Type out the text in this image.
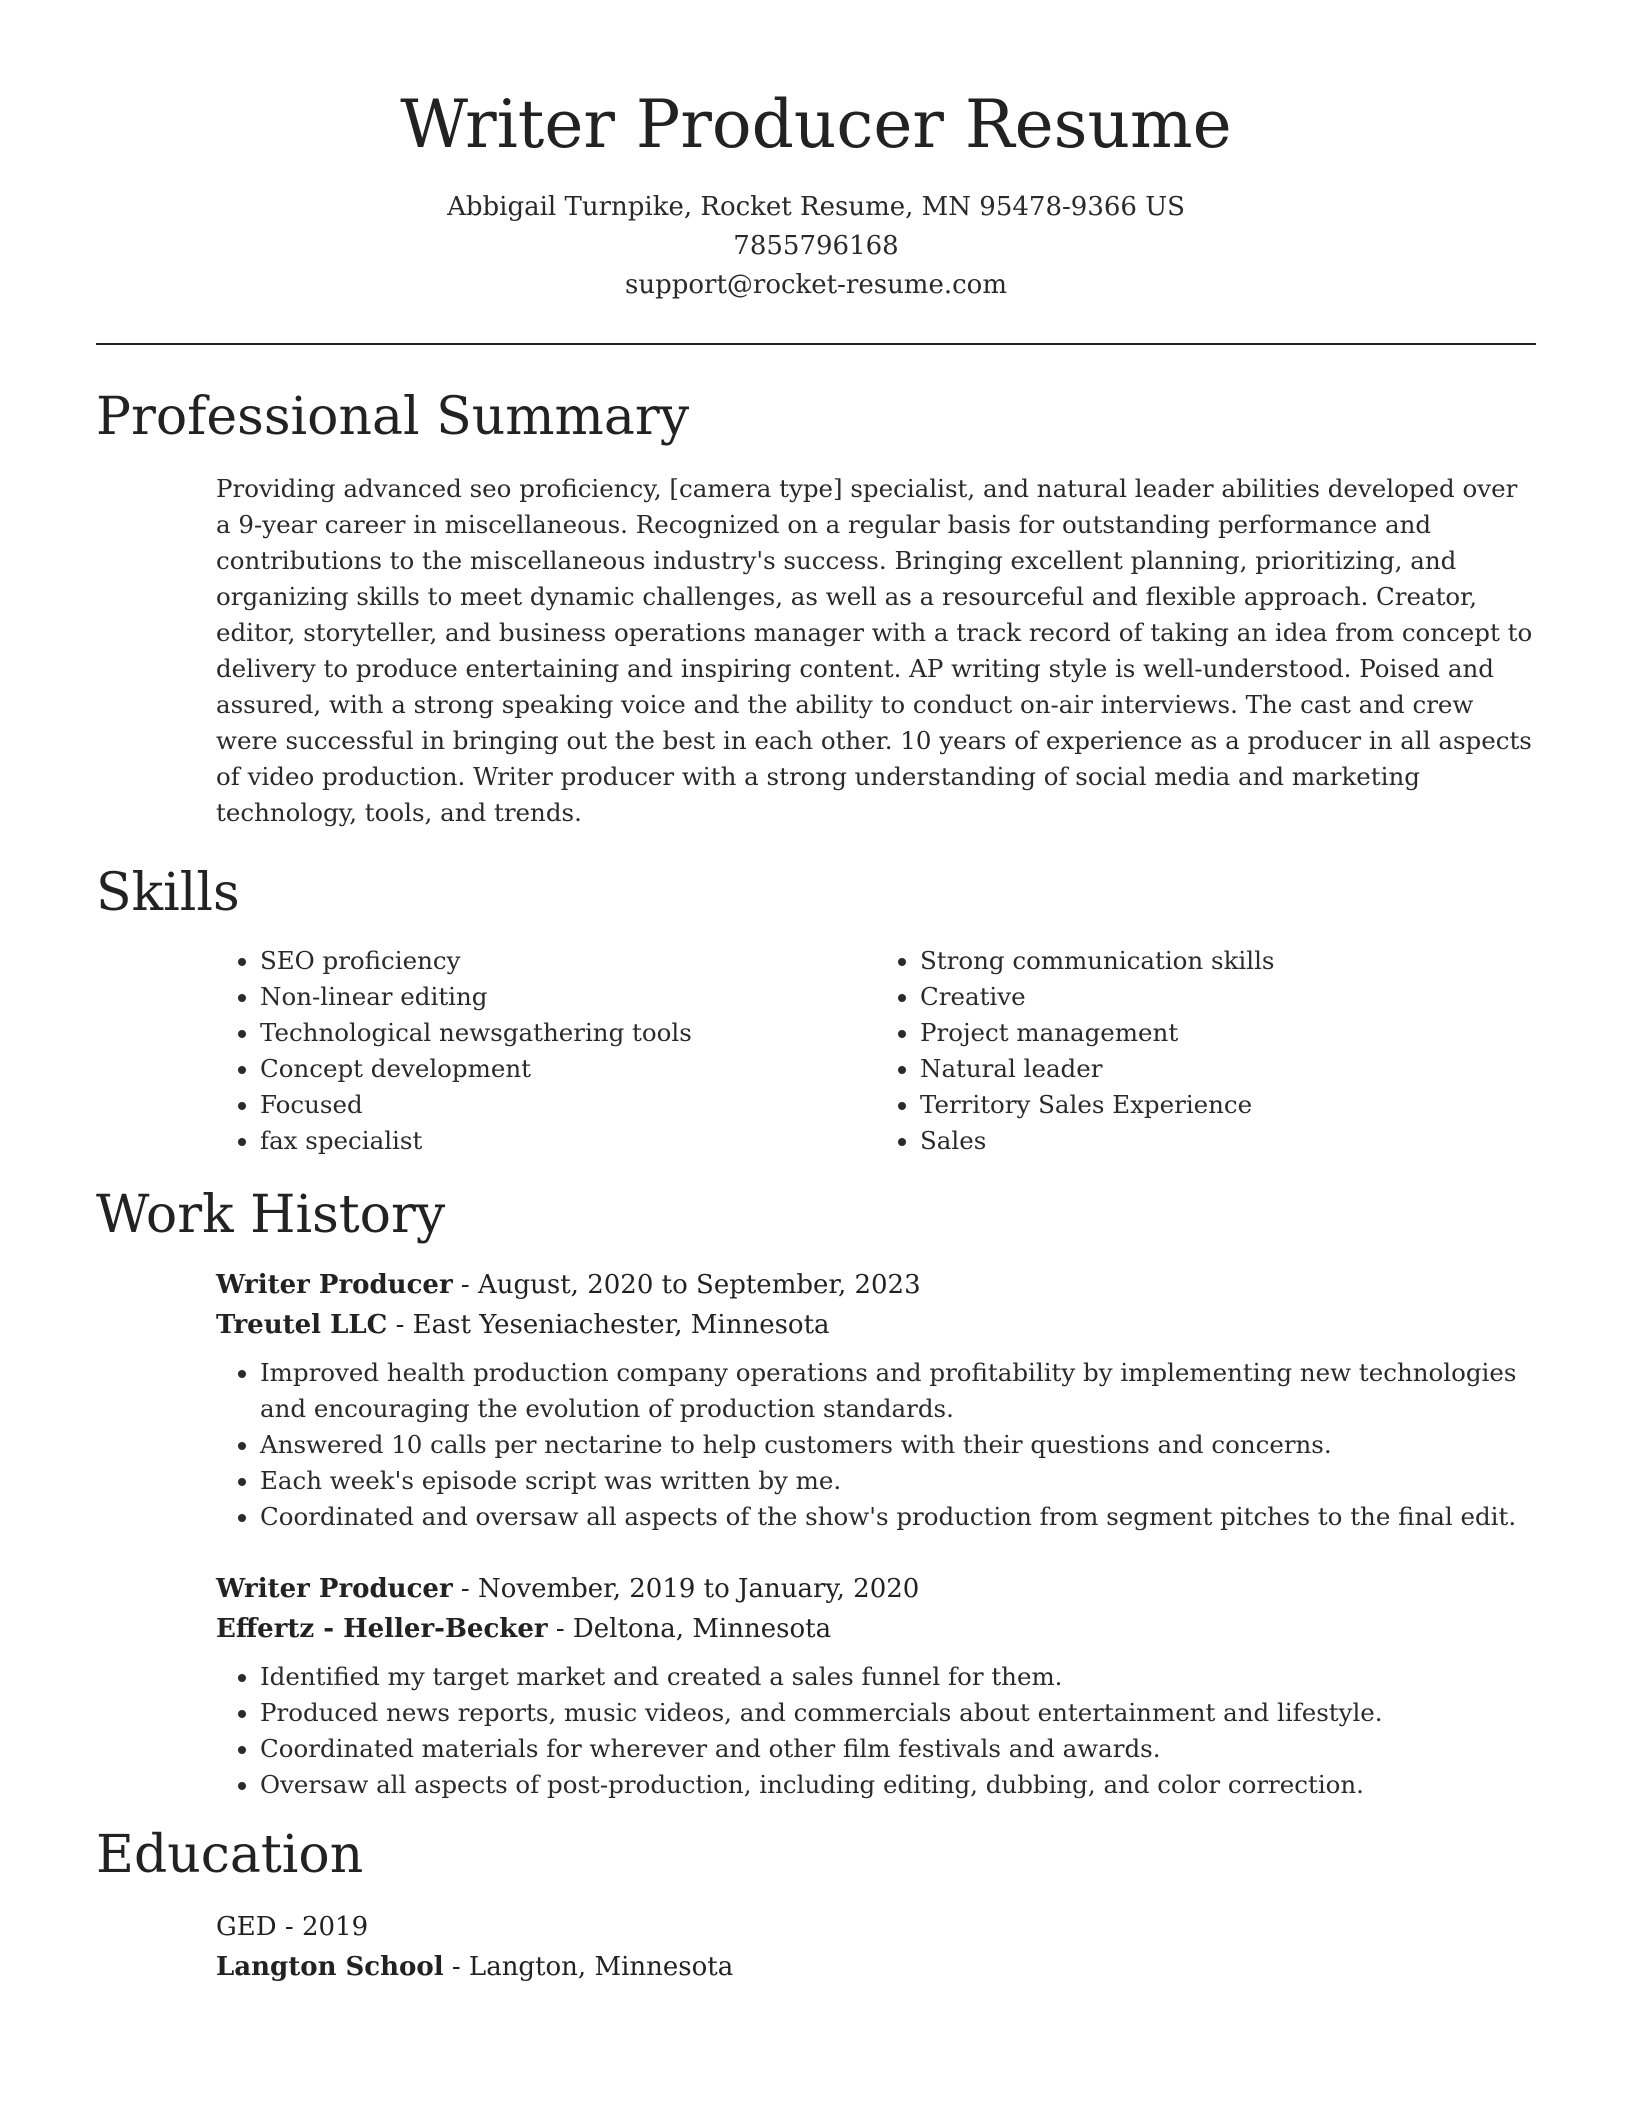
Writer Producer Resume
Abbigail Turnpike, Rocket Resume, MN 95478-9366 US
7855796168
support@rocket-resume.com
Professional Summary
Providing advanced seo proficiency, [camera type] specialist, and natural leader abilities developed over a 9-year career in miscellaneous. Recognized on a regular basis for outstanding performance and contributions to the miscellaneous industry's success. Bringing excellent planning, prioritizing, and organizing skills to meet dynamic challenges, as well as a resourceful and flexible approach. Creator, editor, storyteller, and business operations manager with a track record of taking an idea from concept to delivery to produce entertaining and inspiring content. AP writing style is well-understood. Poised and assured, with a strong speaking voice and the ability to conduct on-air interviews. The cast and crew were successful in bringing out the best in each other. 10 years of experience as a producer in all aspects of video production. Writer producer with a strong understanding of social media and marketing technology, tools, and trends.
Skills
• SEO proficiency
• Non-linear editing
• Technological newsgathering tools
• Concept development
• Focused
• fax specialist
• Strong communication skills
• Creative
• Project management
• Natural leader
• Territory Sales Experience
• Sales
Work History
Writer Producer - August, 2020 to September, 2023
Treutel LLC - East Yeseniachester, Minnesota
• Improved health production company operations and profitability by implementing new technologies and encouraging the evolution of production standards.
• Answered 10 calls per nectarine to help customers with their questions and concerns.
• Each week's episode script was written by me.
• Coordinated and oversaw all aspects of the show's production from segment pitches to the final edit.
Writer Producer - November, 2019 to January, 2020
Effertz - Heller-Becker - Deltona, Minnesota
• Identified my target market and created a sales funnel for them.
• Produced news reports, music videos, and commercials about entertainment and lifestyle.
• Coordinated materials for wherever and other film festivals and awards.
• Oversaw all aspects of post-production, including editing, dubbing, and color correction.
Education
GED - 2019
Langton School - Langton, Minnesota
